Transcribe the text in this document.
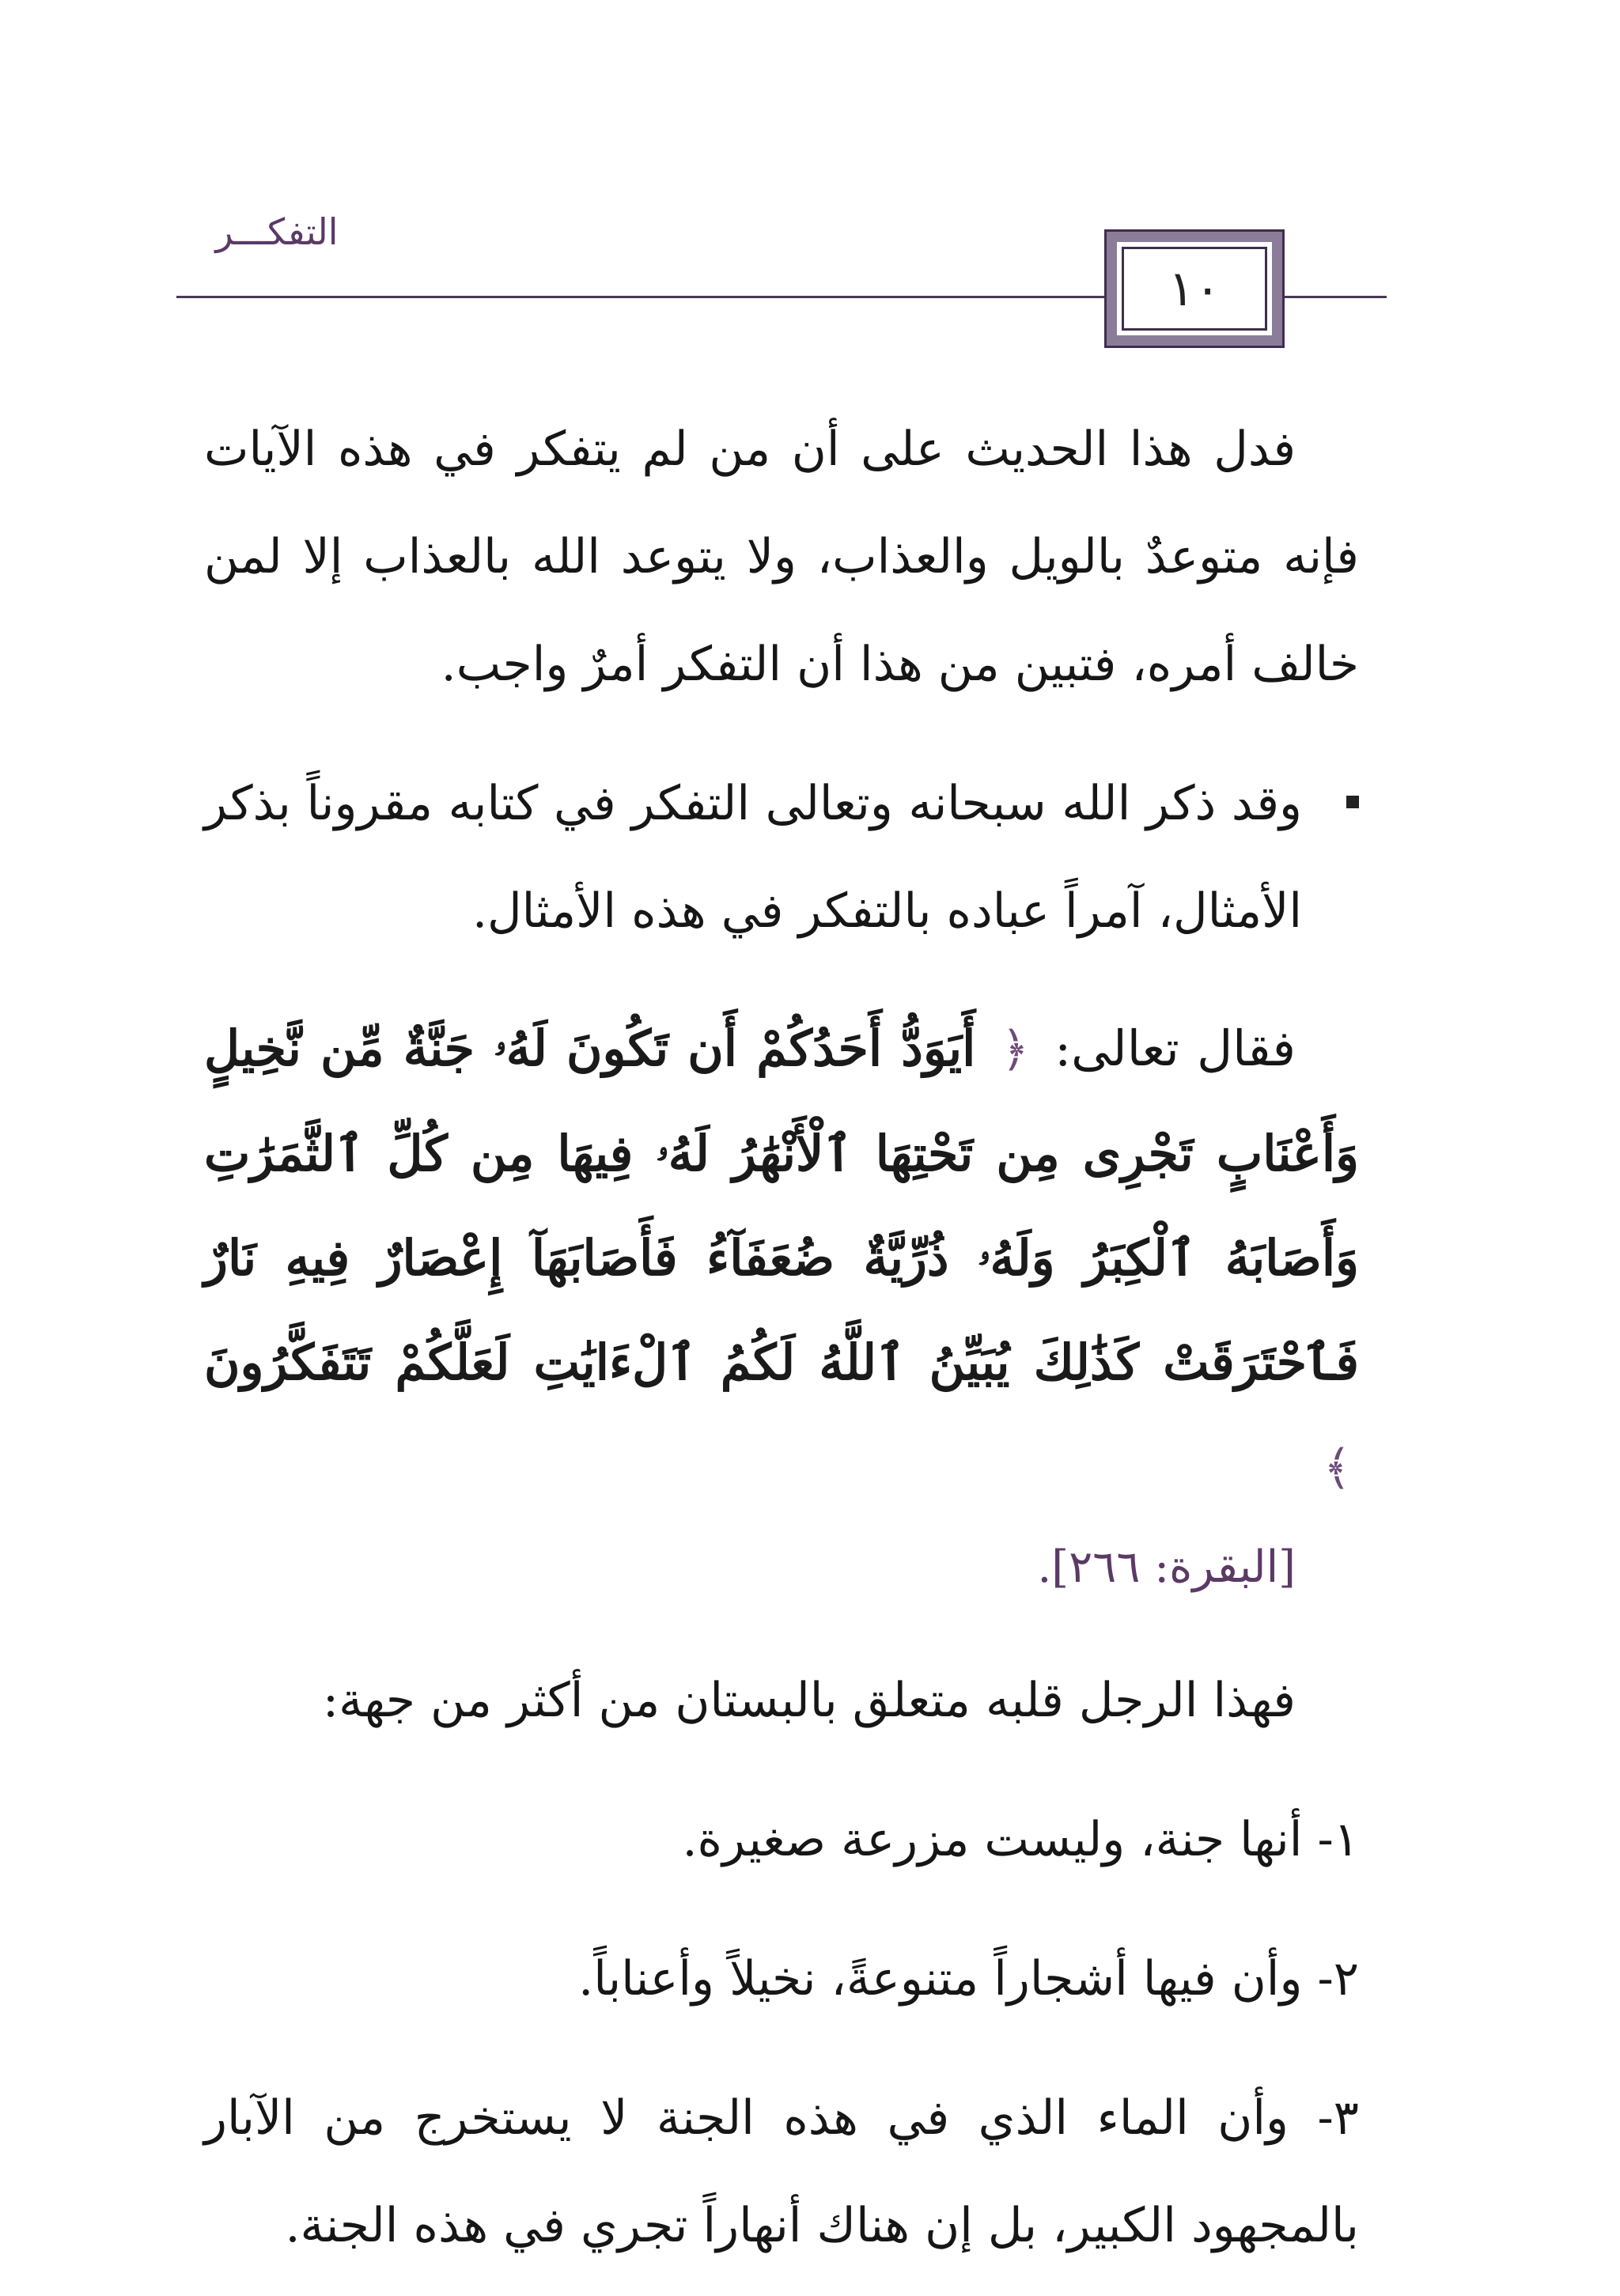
التفكـــر
١٠

فدل هذا الحديث على أن من لم يتفكر في هذه الآيات فإنه متوعدٌ بالويل والعذاب، ولا يتوعد الله بالعذاب إلا لمن خالف أمره، فتبين من هذا أن التفكر أمرٌ واجب.

وقد ذكر الله سبحانه وتعالى التفكر في كتابه مقروناً بذكر الأمثال، آمراً عباده بالتفكر في هذه الأمثال.

فقال تعالى: ﴿ أَيَوَدُّ أَحَدُكُمْ أَن تَكُونَ لَهُۥ جَنَّةٌ مِّن نَّخِيلٍ وَأَعْنَابٍ تَجْرِى مِن تَحْتِهَا ٱلْأَنْهَٰرُ لَهُۥ فِيهَا مِن كُلِّ ٱلثَّمَرَٰتِ وَأَصَابَهُ ٱلْكِبَرُ وَلَهُۥ ذُرِّيَّةٌ ضُعَفَآءُ فَأَصَابَهَآ إِعْصَارٌ فِيهِ نَارٌ فَٱحْتَرَقَتْ كَذَٰلِكَ يُبَيِّنُ ٱللَّهُ لَكُمُ ٱلْءَايَٰتِ لَعَلَّكُمْ تَتَفَكَّرُونَ ﴾
[البقرة: ٢٦٦].

فهذا الرجل قلبه متعلق بالبستان من أكثر من جهة:

١- أنها جنة، وليست مزرعة صغيرة.

٢- وأن فيها أشجاراً متنوعةً، نخيلاً وأعناباً.

٣- وأن الماء الذي في هذه الجنة لا يستخرج من الآبار بالمجهود الكبير، بل إن هناك أنهاراً تجري في هذه الجنة.
